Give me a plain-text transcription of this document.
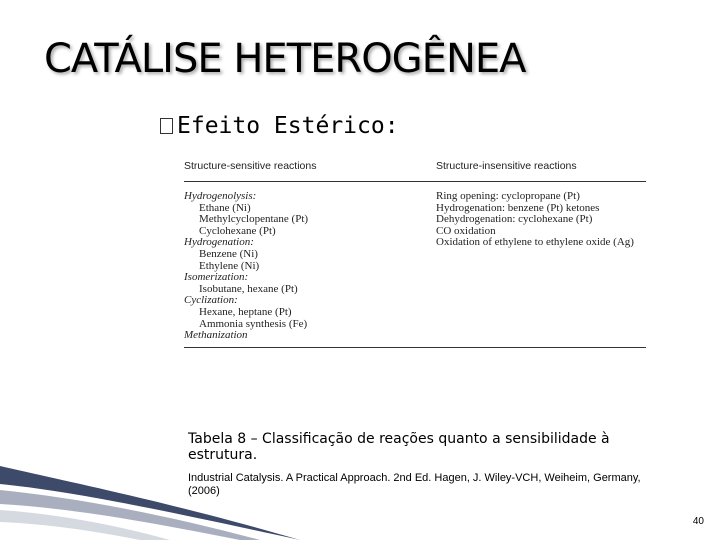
CATÁLISE HETEROGÊNEA
Efeito Estérico:
Structure-sensitive reactions	Structure-insensitive reactions
Hydrogenolysis:
Ethane (Ni)
Methylcyclopentane (Pt)
Cyclohexane (Pt)
Hydrogenation:
Benzene (Ni)
Ethylene (Ni)
Isomerization:
Isobutane, hexane (Pt)
Cyclization:
Hexane, heptane (Pt)
Ammonia synthesis (Fe)
Methanization
Ring opening: cyclopropane (Pt)
Hydrogenation: benzene (Pt) ketones
Dehydrogenation: cyclohexane (Pt)
CO oxidation
Oxidation of ethylene to ethylene oxide (Ag)
Tabela 8 – Classificação de reações quanto a sensibilidade à estrutura.
Industrial Catalysis. A Practical Approach. 2nd Ed. Hagen, J. Wiley-VCH, Weiheim, Germany, (2006)
40
